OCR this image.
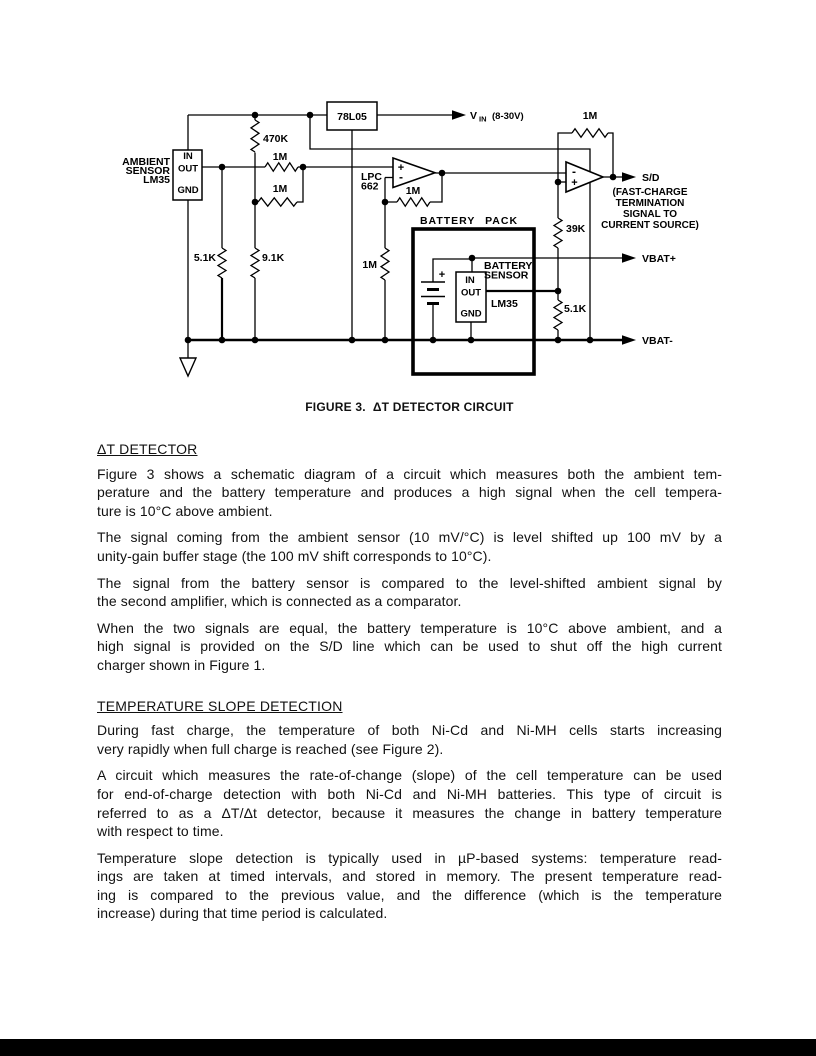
470K
1M
1M
5.1K	9.1K
1M
1M
1M
39K
5.1K
78L05	V IN (8-30V)
IN
OUT
GND
AMBIENT
SENSOR
LM35
+
-
LPC
662
-
+	S/D
(FAST-CHARGE
TERMINATION
SIGNAL TO
CURRENT SOURCE)
BATTERY PACK
+ IN
OUT
GND
BATTERY
SENSOR
LM35
VBAT+
VBAT-
FIGURE 3.  ΔT DETECTOR CIRCUIT
ΔT DETECTOR
Figure 3 shows a schematic diagram of a circuit which measures both the ambient tem-
perature and the battery temperature and produces a high signal when the cell tempera-
ture is 10°C above ambient.
The signal coming from the ambient sensor (10 mV/°C) is level shifted up 100 mV by a
unity-gain buffer stage (the 100 mV shift corresponds to 10°C).
The signal from the battery sensor is compared to the level-shifted ambient signal by
the second amplifier, which is connected as a comparator.
When the two signals are equal, the battery temperature is 10°C above ambient, and a
high signal is provided on the S/D line which can be used to shut off the high current
charger shown in Figure 1.
TEMPERATURE SLOPE DETECTION
During fast charge, the temperature of both Ni-Cd and Ni-MH cells starts increasing
very rapidly when full charge is reached (see Figure 2).
A circuit which measures the rate-of-change (slope) of the cell temperature can be used
for end-of-charge detection with both Ni-Cd and Ni-MH batteries. This type of circuit is
referred to as a ΔT/Δt detector, because it measures the change in battery temperature
with respect to time.
Temperature slope detection is typically used in µP-based systems: temperature read-
ings are taken at timed intervals, and stored in memory. The present temperature read-
ing is compared to the previous value, and the difference (which is the temperature
increase) during that time period is calculated.
